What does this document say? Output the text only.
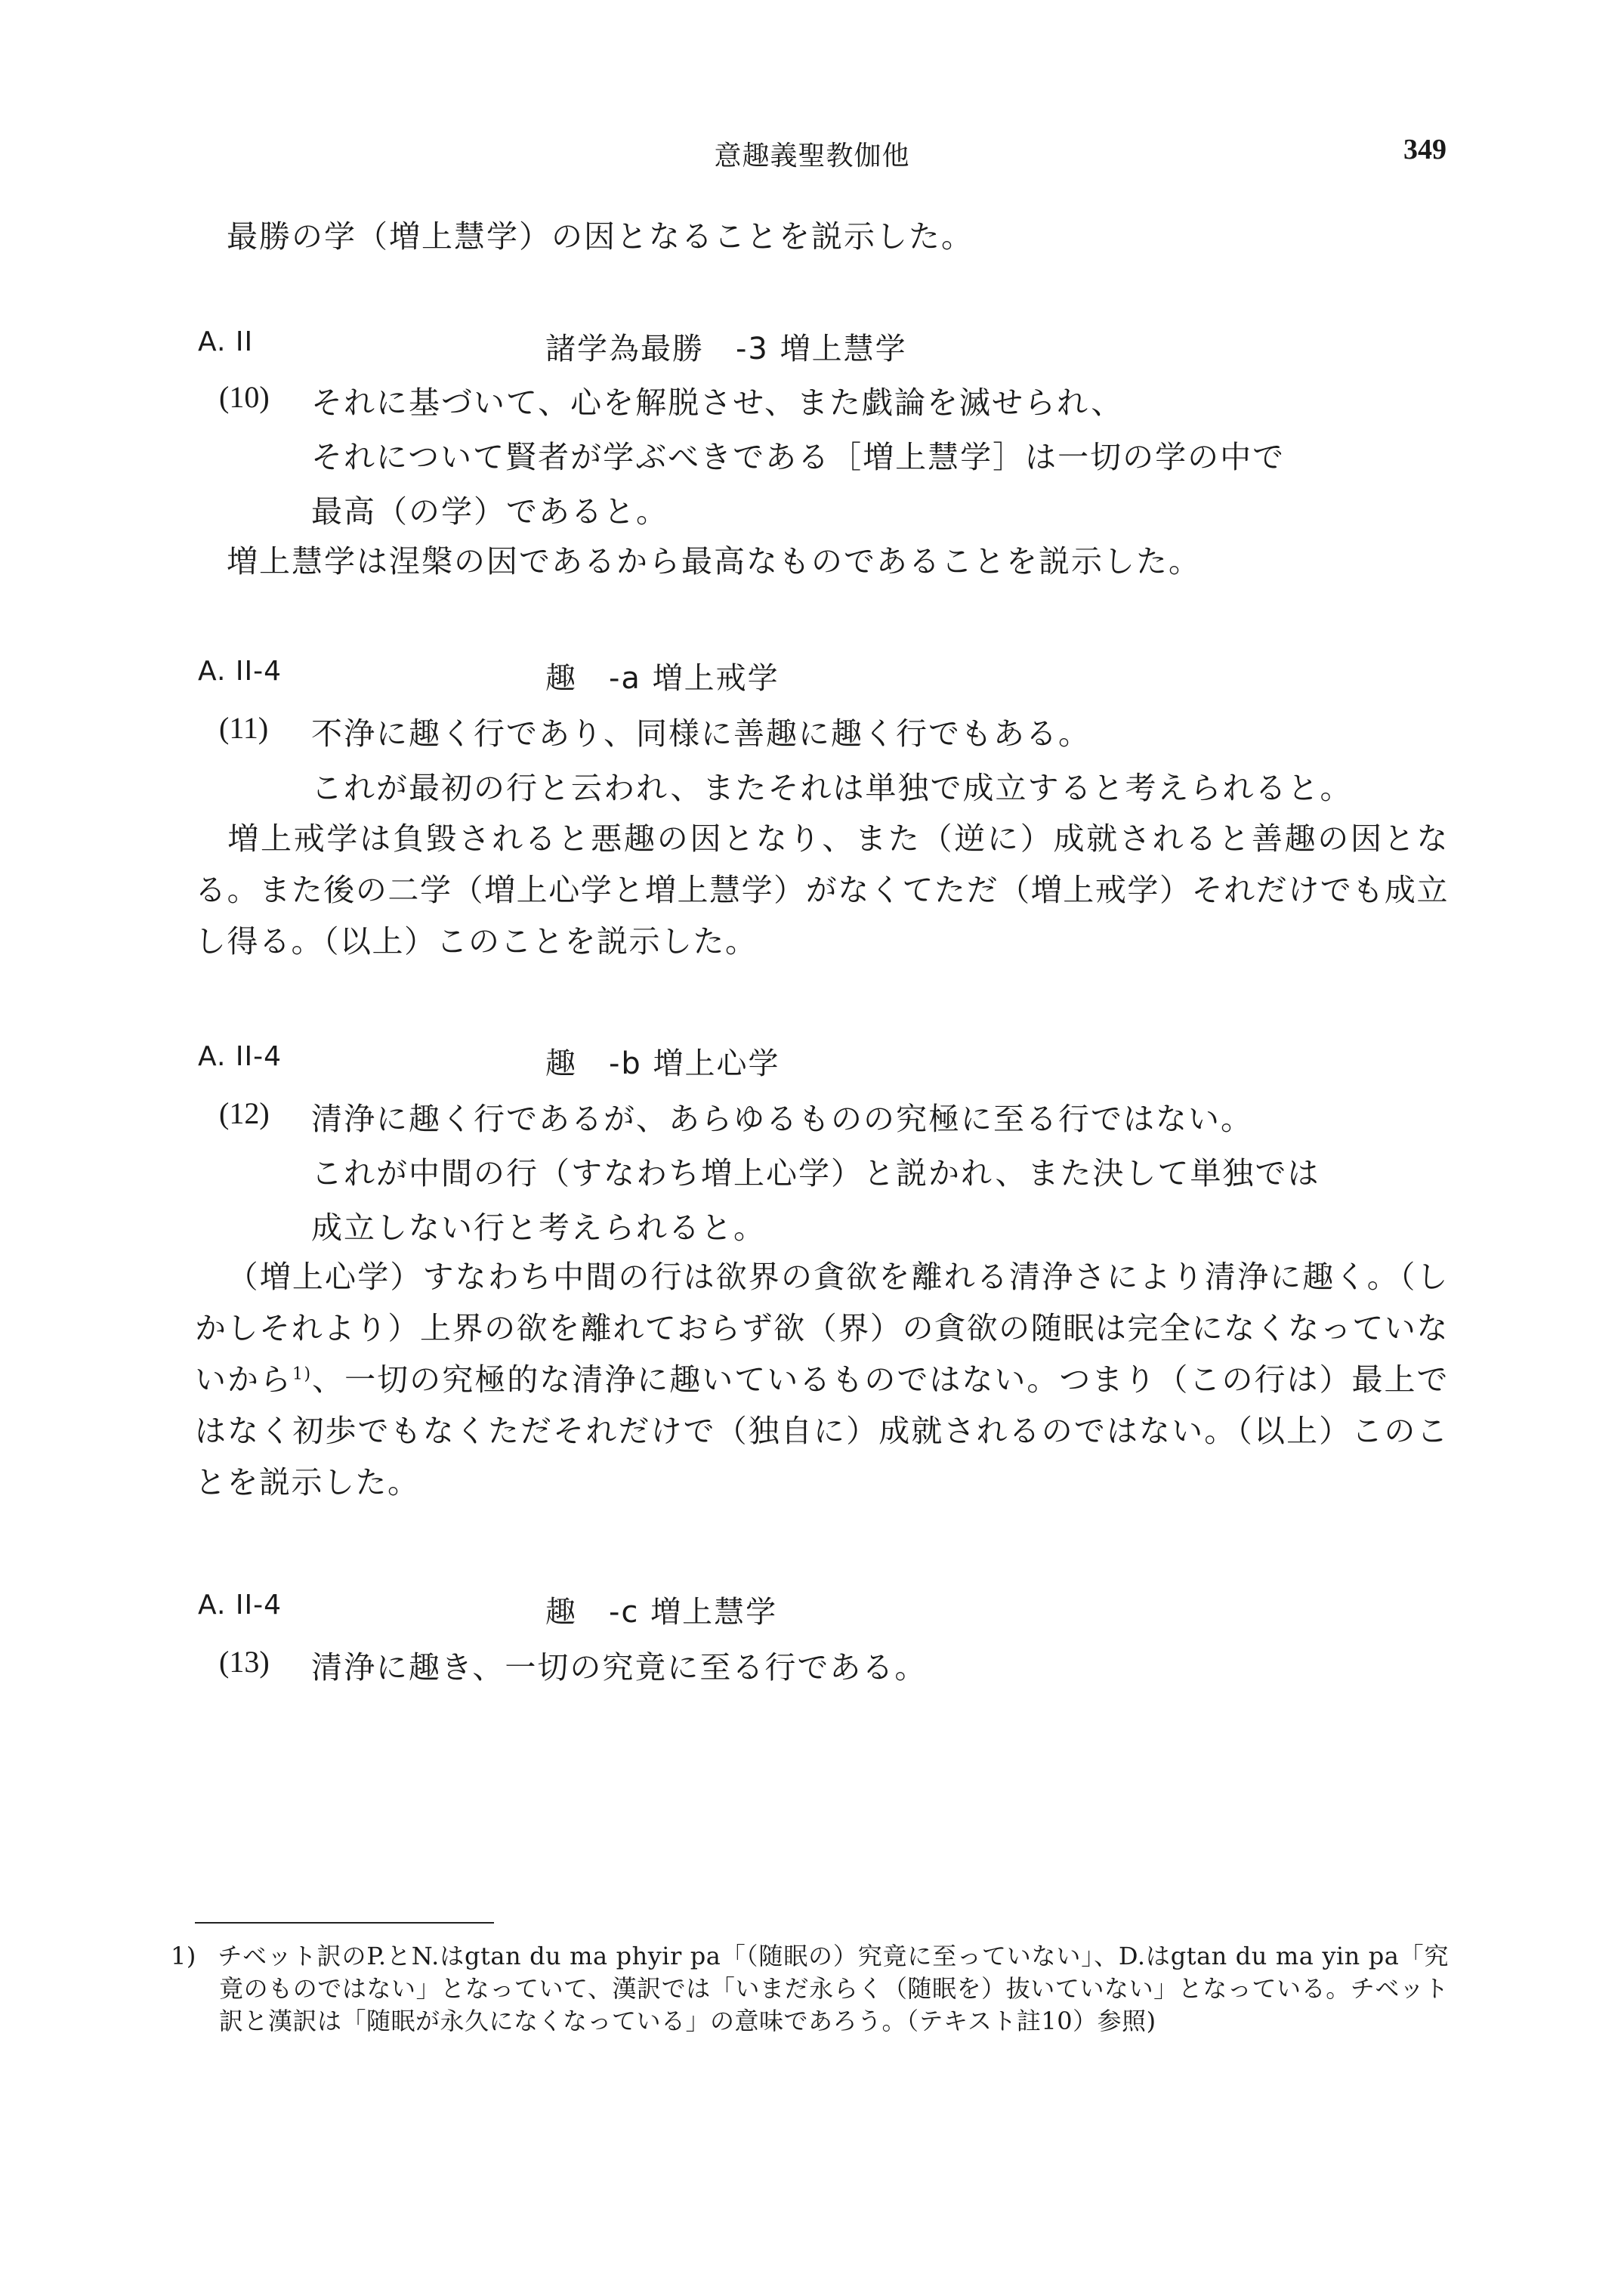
意趣義聖教伽他	349
最勝の学（増上慧学）の因となることを説示した。
A. II	諸学為最勝　-3 増上慧学
(10) それに基づいて、心を解脱させ、また戯論を滅せられ、
それについて賢者が学ぶべきである［増上慧学］は一切の学の中で
最高（の学）であると。
増上慧学は涅槃の因であるから最高なものであることを説示した。
A. II-4	趣　-a 増上戒学
(11) 不浄に趣く行であり、同様に善趣に趣く行でもある。
これが最初の行と云われ、またそれは単独で成立すると考えられると。
増上戒学は負毀されると悪趣の因となり、また（逆に）成就されると善趣の因となる。また後の二学（増上心学と増上慧学）がなくてただ（増上戒学）それだけでも成立し得る。（以上）このことを説示した。
A. II-4	趣　-b 増上心学
(12) 清浄に趣く行であるが、あらゆるものの究極に至る行ではない。
これが中間の行（すなわち増上心学）と説かれ、また決して単独では
成立しない行と考えられると。
（増上心学）すなわち中間の行は欲界の貪欲を離れる清浄さにより清浄に趣く。（しかしそれより）上界の欲を離れておらず欲（界）の貪欲の随眠は完全になくなっていないから$^{1)}$、一切の究極的な清浄に趣いているものではない。つまり（この行は）最上ではなく初歩でもなくただそれだけで（独自に）成就されるのではない。（以上）このことを説示した。
A. II-4	趣　-c 増上慧学
(13) 清浄に趣き、一切の究竟に至る行である。
1) チベット訳のP.とN.はgtan du ma phyir pa「（随眠の）究竟に至っていない」、D.はgtan du ma yin pa「究竟のものではない」となっていて、漢訳では「いまだ永らく（随眠を）抜いていない」となっている。チベット訳と漢訳は「随眠が永久になくなっている」の意味であろう。（テキスト註10）参照)
